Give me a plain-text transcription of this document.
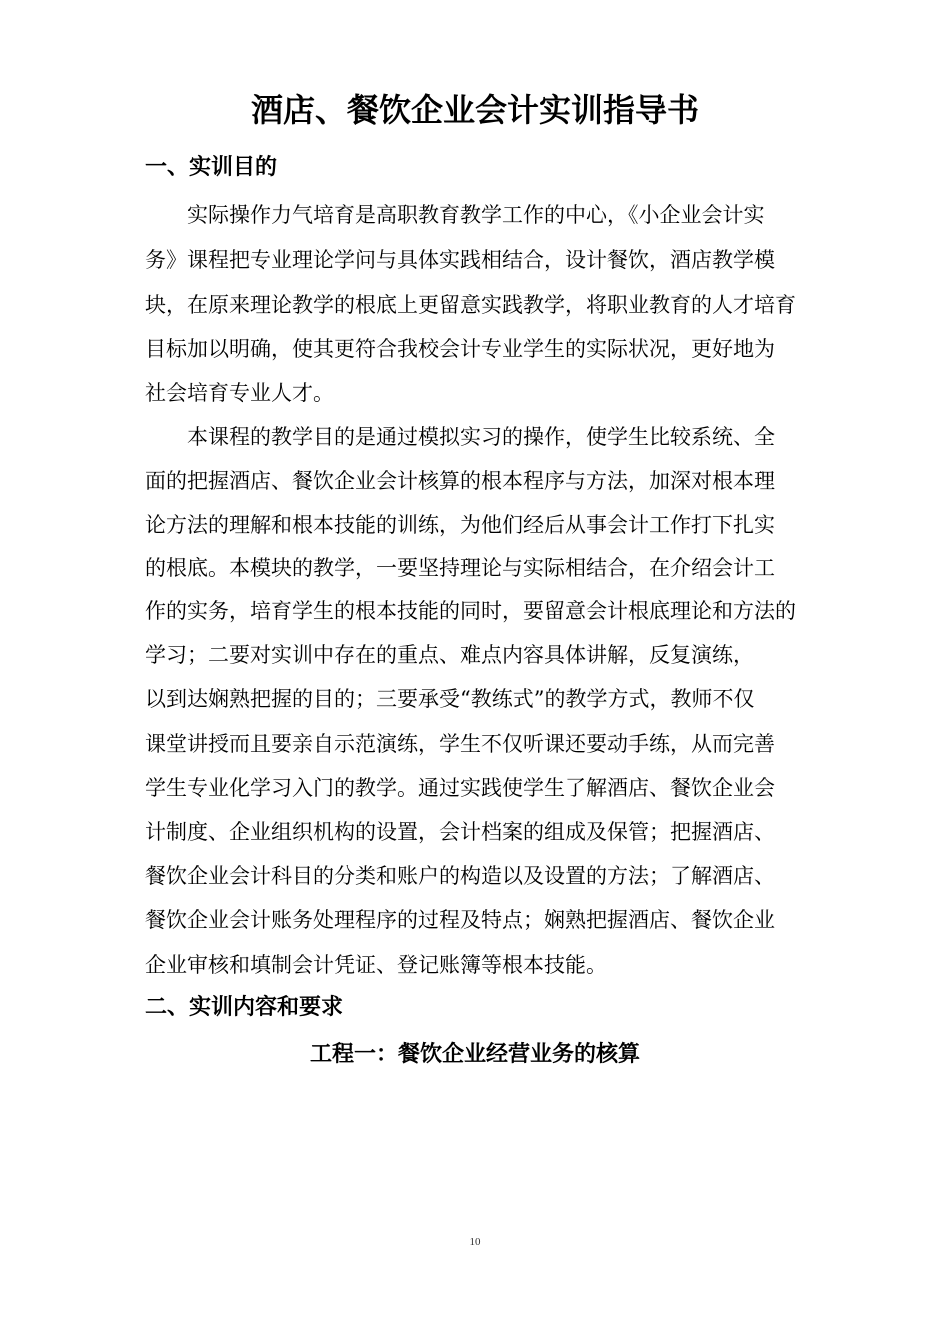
酒店、餐饮企业会计实训指导书
一、实训目的
　　实际操作力气培育是高职教育教学工作的中心，《小企业会计实
务》课程把专业理论学问与具体实践相结合，设计餐饮，酒店教学模
块，在原来理论教学的根底上更留意实践教学，将职业教育的人才培育
目标加以明确，使其更符合我校会计专业学生的实际状况，更好地为
社会培育专业人才。
　　本课程的教学目的是通过模拟实习的操作，使学生比较系统、全
面的把握酒店、餐饮企业会计核算的根本程序与方法，加深对根本理
论方法的理解和根本技能的训练，为他们经后从事会计工作打下扎实
的根底。本模块的教学，一要坚持理论与实际相结合，在介绍会计工
作的实务，培育学生的根本技能的同时，要留意会计根底理论和方法的
学习；二要对实训中存在的重点、难点内容具体讲解，反复演练，
以到达娴熟把握的目的；三要承受“教练式”的教学方式，教师不仅
课堂讲授而且要亲自示范演练，学生不仅听课还要动手练，从而完善
学生专业化学习入门的教学。通过实践使学生了解酒店、餐饮企业会
计制度、企业组织机构的设置，会计档案的组成及保管；把握酒店、
餐饮企业会计科目的分类和账户的构造以及设置的方法；了解酒店、
餐饮企业会计账务处理程序的过程及特点；娴熟把握酒店、餐饮企业
企业审核和填制会计凭证、登记账簿等根本技能。
二、实训内容和要求
工程一：餐饮企业经营业务的核算
10
